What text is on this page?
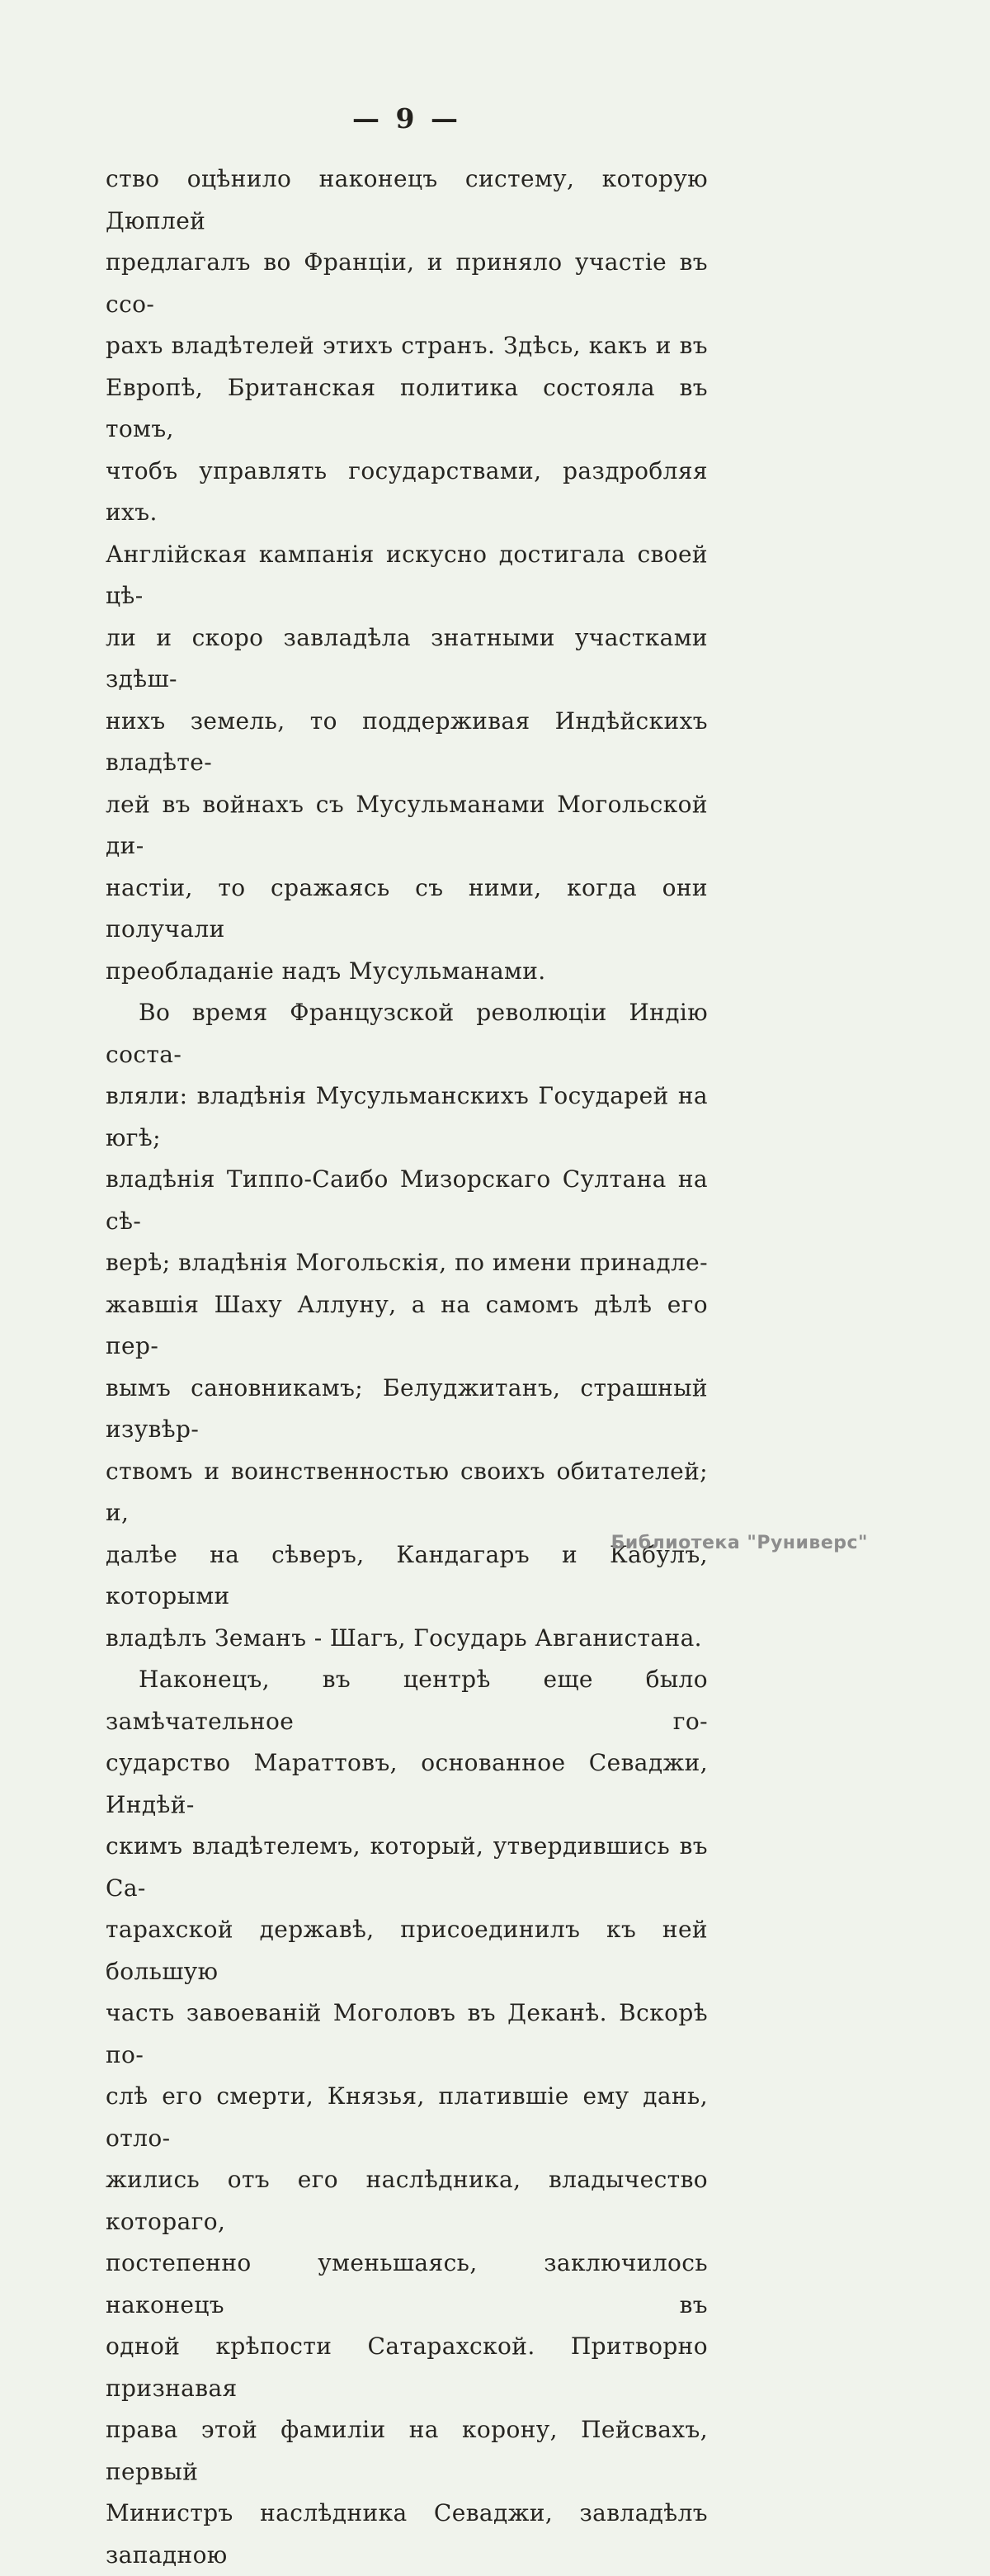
— 9 —
ство оцѣнило наконецъ систему, которую Дюплей
предлагалъ во Франціи, и приняло участіе въ ссо-
рахъ владѣтелей этихъ странъ. Здѣсь, какъ и въ
Европѣ, Британская политика состояла въ томъ,
чтобъ управлять государствами, раздробляя ихъ.
Англійская кампанія искусно достигала своей цѣ-
ли и скоро завладѣла знатными участками здѣш-
нихъ земель, то поддерживая Индѣйскихъ владѣте-
лей въ войнахъ съ Мусульманами Могольской ди-
настіи, то сражаясь съ ними, когда они получали
преобладаніе надъ Мусульманами.
Во время Французской революціи Индію соста-
вляли: владѣнія Мусульманскихъ Государей на югѣ;
владѣнія Типпо-Саибо Мизорскаго Султана на сѣ-
верѣ; владѣнія Могольскія, по имени принадле-
жавшія Шаху Аллуну, а на самомъ дѣлѣ его пер-
вымъ сановникамъ; Белуджитанъ, страшный изувѣр-
ствомъ и воинственностью своихъ обитателей; и,
далѣе на сѣверъ, Кандагаръ и Кабулъ, которыми
владѣлъ Земанъ - Шагъ, Государь Авганистана.
Наконецъ, въ центрѣ еще было замѣчательное го-
сударство Мараттовъ, основанное Севаджи, Индѣй-
скимъ владѣтелемъ, который, утвердившись въ Са-
тарахской державѣ, присоединилъ къ ней большую
часть завоеваній Моголовъ въ Деканѣ. Вскорѣ по-
слѣ его смерти, Князья, платившіе ему дань, отло-
жились отъ его наслѣдника, владычество котораго,
постепенно уменьшаясь, заключилось наконецъ въ
одной крѣпости Сатарахской. Притворно признавая
права этой фамиліи на корону, Пейсвахъ, первый
Министръ наслѣдника Севаджи, завладѣлъ западною
Библиотека "Руниверс"
